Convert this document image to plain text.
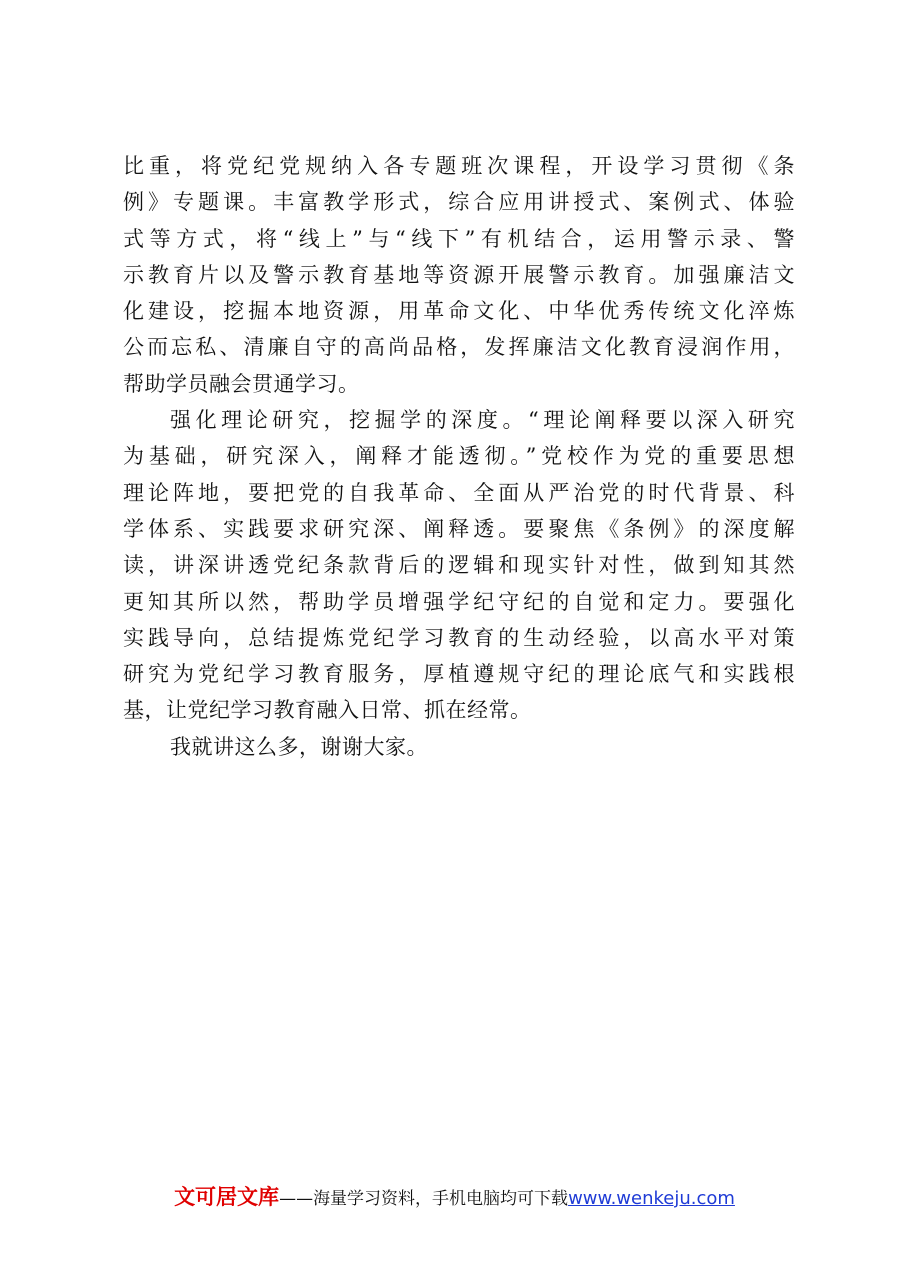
比重，将党纪党规纳入各专题班次课程，开设学习贯彻《条
例》专题课。丰富教学形式，综合应用讲授式、案例式、体验
式等方式，将“线上”与“线下”有机结合，运用警示录、警
示教育片以及警示教育基地等资源开展警示教育。加强廉洁文
化建设，挖掘本地资源，用革命文化、中华优秀传统文化淬炼
公而忘私、清廉自守的高尚品格，发挥廉洁文化教育浸润作用，
帮助学员融会贯通学习。
强化理论研究，挖掘学的深度。“理论阐释要以深入研究
为基础，研究深入，阐释才能透彻。”党校作为党的重要思想
理论阵地，要把党的自我革命、全面从严治党的时代背景、科
学体系、实践要求研究深、阐释透。要聚焦《条例》的深度解
读，讲深讲透党纪条款背后的逻辑和现实针对性，做到知其然
更知其所以然，帮助学员增强学纪守纪的自觉和定力。要强化
实践导向，总结提炼党纪学习教育的生动经验，以高水平对策
研究为党纪学习教育服务，厚植遵规守纪的理论底气和实践根
基，让党纪学习教育融入日常、抓在经常。
我就讲这么多，谢谢大家。
文可居文库——海量学习资料，手机电脑均可下载www.wenkeju.com
